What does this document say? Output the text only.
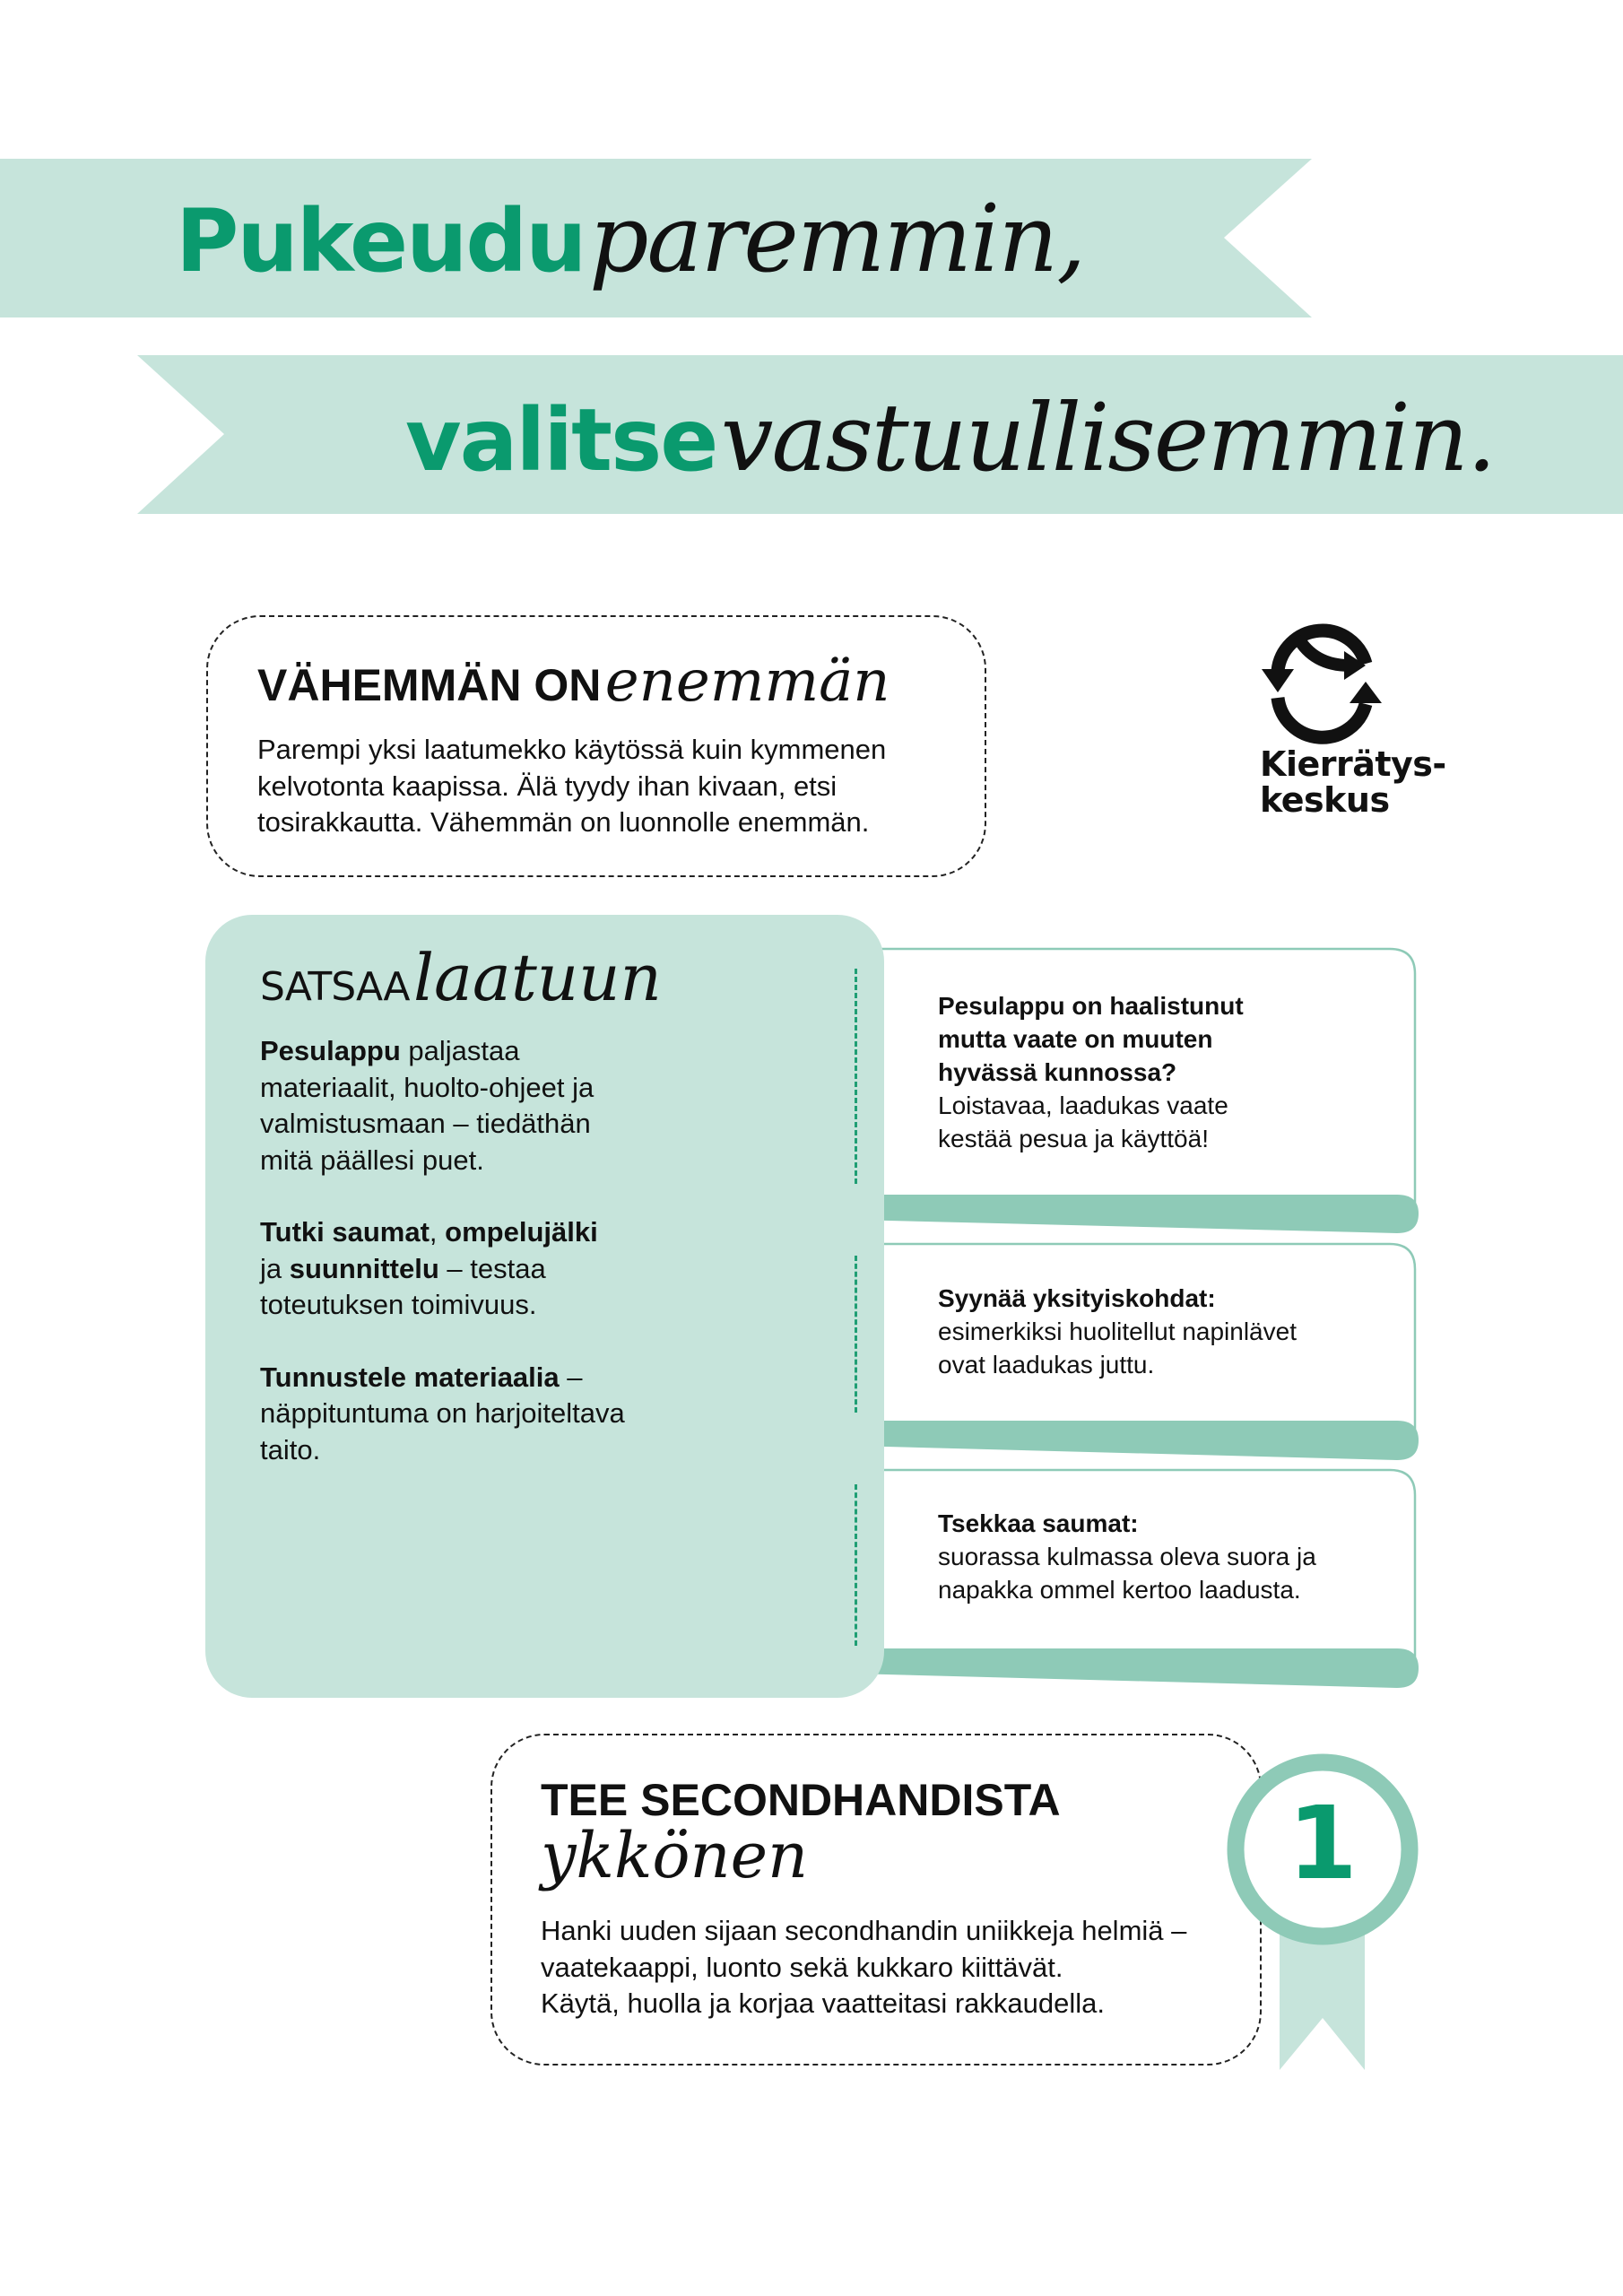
Pukeudu paremmin,
valitse vastuullisemmin.
VÄHEMMÄN ON enemmän
Parempi yksi laatumekko käytössä kuin kymmenen
kelvotonta kaapissa. Älä tyydy ihan kivaan, etsi
tosirakkautta. Vähemmän on luonnolle enemmän.
Kierrätys-
keskus
SATSAA laatuun
Pesulappu paljastaa
materiaalit, huolto-ohjeet ja
valmistusmaan – tiedäthän
mitä päällesi puet.
Tutki saumat, ompelujälki
ja suunnittelu – testaa
toteutuksen toimivuus.
Tunnustele materiaalia –
näppituntuma on harjoiteltava
taito.
Pesulappu on haalistunut
mutta vaate on muuten
hyvässä kunnossa?
Loistavaa, laadukas vaate
kestää pesua ja käyttöä!
Syynää yksityiskohdat:
esimerkiksi huolitellut napinlävet
ovat laadukas juttu.
Tsekkaa saumat:
suorassa kulmassa oleva suora ja
napakka ommel kertoo laadusta.
1
TEE SECONDHANDISTA
ykkönen
Hanki uuden sijaan secondhandin uniikkeja helmiä –
vaatekaappi, luonto sekä kukkaro kiittävät.
Käytä, huolla ja korjaa vaatteitasi rakkaudella.
